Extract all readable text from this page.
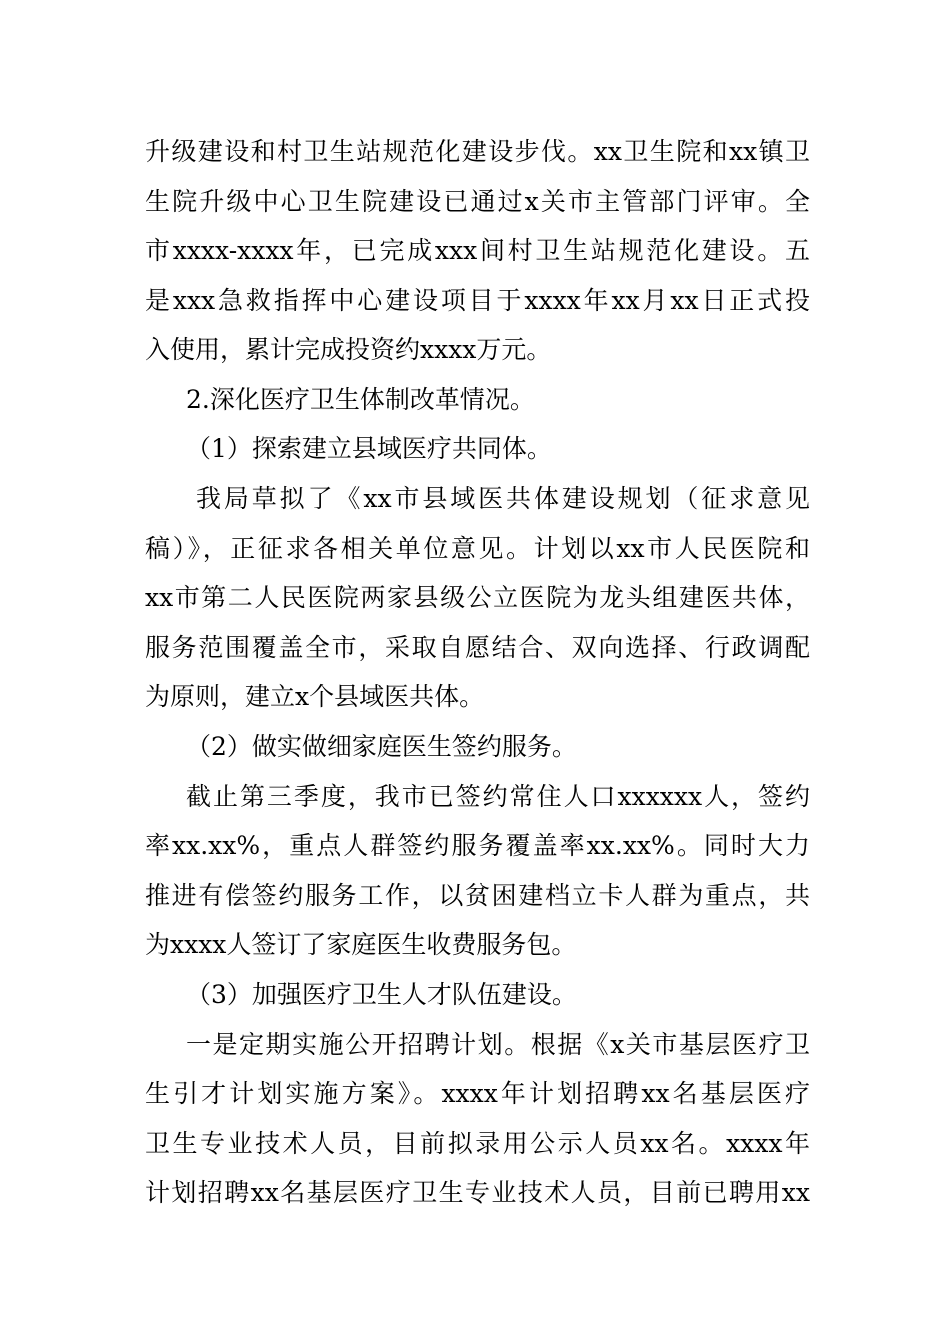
升级建设和村卫生站规范化建设步伐。xx卫生院和xx镇卫
生院升级中心卫生院建设已通过x关市主管部门评审。全
市xxxx-xxxx年，已完成xxx间村卫生站规范化建设。五
是xxx急救指挥中心建设项目于xxxx年xx月xx日正式投
入使用，累计完成投资约xxxx万元。
2.深化医疗卫生体制改革情况。
（1）探索建立县域医疗共同体。
我局草拟了《xx市县域医共体建设规划（征求意见
稿）》，正征求各相关单位意见。计划以xx市人民医院和
xx市第二人民医院两家县级公立医院为龙头组建医共体，
服务范围覆盖全市，采取自愿结合、双向选择、行政调配
为原则，建立x个县域医共体。
（2）做实做细家庭医生签约服务。
截止第三季度，我市已签约常住人口xxxxxx人，签约
率xx.xx%，重点人群签约服务覆盖率xx.xx%。同时大力
推进有偿签约服务工作，以贫困建档立卡人群为重点，共
为xxxx人签订了家庭医生收费服务包。
（3）加强医疗卫生人才队伍建设。
一是定期实施公开招聘计划。根据《x关市基层医疗卫
生引才计划实施方案》。xxxx年计划招聘xx名基层医疗
卫生专业技术人员，目前拟录用公示人员xx名。xxxx年
计划招聘xx名基层医疗卫生专业技术人员，目前已聘用xx
